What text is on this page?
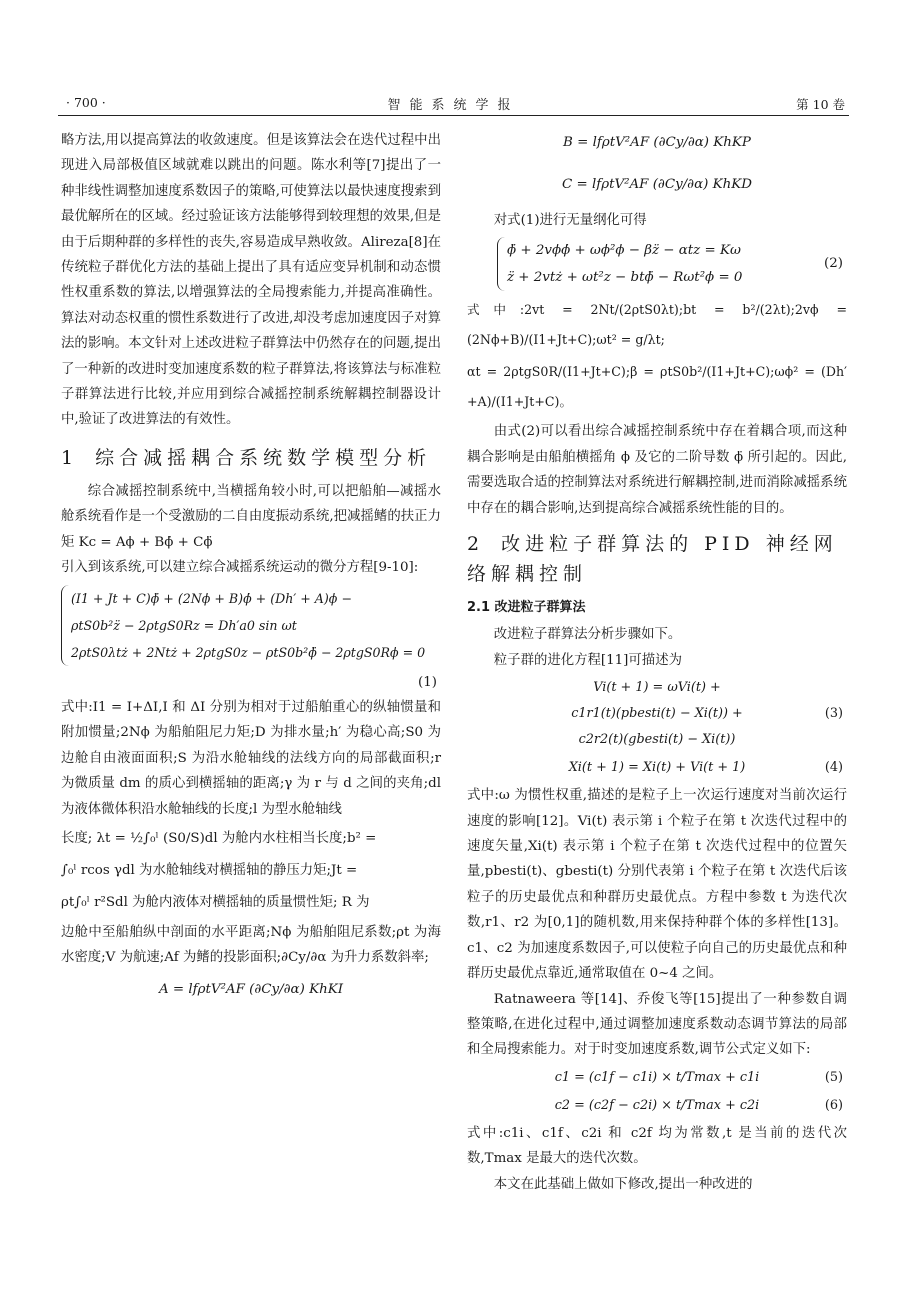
· 700 ·	智能系统学报	第 10 卷

略方法,用以提高算法的收敛速度。但是该算法会在迭代过程中出现进入局部极值区域就难以跳出的问题。陈水利等[7]提出了一种非线性调整加速度系数因子的策略,可使算法以最快速度搜索到最优解所在的区域。经过验证该方法能够得到较理想的效果,但是由于后期种群的多样性的丧失,容易造成早熟收敛。Alireza[8]在传统粒子群优化方法的基础上提出了具有适应变异机制和动态惯性权重系数的算法,以增强算法的全局搜索能力,并提高准确性。算法对动态权重的惯性系数进行了改进,却没考虑加速度因子对算法的影响。本文针对上述改进粒子群算法中仍然存在的问题,提出了一种新的改进时变加速度系数的粒子群算法,将该算法与标准粒子群算法进行比较,并应用到综合减摇控制系统解耦控制器设计中,验证了改进算法的有效性。

1 综合减摇耦合系统数学模型分析

综合减摇控制系统中,当横摇角较小时,可以把船舶—减摇水舱系统看作是一个受激励的二自由度振动系统,把减摇鳍的扶正力矩 Kc = Aϕ + Bϕ̇ + Cϕ̈

引入到该系统,可以建立综合减摇系统运动的微分方程[9-10]:

(I1 + Jt + C)ϕ̈ + (2Nϕ + B)ϕ̇ + (Dh′ + A)ϕ −
ρtS0b²z̈ − 2ρtgS0Rz = Dh′a0 sin ωt
2ρtS0λtż + 2Ntż + 2ρtgS0z − ρtS0b²ϕ̈ − 2ρtgS0Rϕ = 0
(1)

式中:I1 = I+ΔI,I 和 ΔI 分别为相对于过船舶重心的纵轴惯量和附加惯量;2Nϕ 为船舶阻尼力矩;D 为排水量;h′ 为稳心高;S0 为边舱自由液面面积;S 为沿水舱轴线的法线方向的局部截面积;r 为微质量 dm 的质心到横摇轴的距离;γ 为 r 与 d 之间的夹角;dl 为液体微体积沿水舱轴线的长度;l 为型水舱轴线

长度; λt = ½∫₀ˡ (S0/S)dl 为舱内水柱相当长度;b² =

∫₀ˡ rcos γdl 为水舱轴线对横摇轴的静压力矩;Jt =

ρt∫₀ˡ r²Sdl 为舱内液体对横摇轴的质量惯性矩; R 为

边舱中至船舶纵中剖面的水平距离;Nϕ 为船舶阻尼系数;ρt 为海水密度;V 为航速;Af 为鳍的投影面积;∂Cy/∂α 为升力系数斜率;

A = lfρtV²AF (∂Cy/∂α) KhKI
B = lfρtV²AF (∂Cy/∂α) KhKP
C = lfρtV²AF (∂Cy/∂α) KhKD

对式(1)进行无量纲化可得

ϕ̈ + 2vϕϕ̇ + ωϕ²ϕ − βz̈ − αtz = Kω
z̈ + 2vtż + ωt²z − btϕ̈ − Rωt²ϕ = 0
(2)

式中:2vt = 2Nt/(2ρtS0λt);bt = b²/(2λt);2vϕ = (2Nϕ+B)/(I1+Jt+C);ωt² = g/λt;

αt = 2ρtgS0R/(I1+Jt+C);β = ρtS0b²/(I1+Jt+C);ωϕ² = (Dh′+A)/(I1+Jt+C)。

由式(2)可以看出综合减摇控制系统中存在着耦合项,而这种耦合影响是由船舶横摇角 ϕ 及它的二阶导数 ϕ̈ 所引起的。因此,需要选取合适的控制算法对系统进行解耦控制,进而消除减摇系统中存在的耦合影响,达到提高综合减摇系统性能的目的。

2 改进粒子群算法的 PID 神经网络解耦控制
2.1 改进粒子群算法

改进粒子群算法分析步骤如下。

粒子群的进化方程[11]可描述为

Vi(t + 1) = ωVi(t) +
c1r1(t)(pbesti(t) − Xi(t)) +
c2r2(t)(gbesti(t) − Xi(t))
(3)
Xi(t + 1) = Xi(t) + Vi(t + 1)	(4)

式中:ω 为惯性权重,描述的是粒子上一次运行速度对当前次运行速度的影响[12]。Vi(t) 表示第 i 个粒子在第 t 次迭代过程中的速度矢量,Xi(t) 表示第 i 个粒子在第 t 次迭代过程中的位置矢量,pbesti(t)、gbesti(t) 分别代表第 i 个粒子在第 t 次迭代后该粒子的历史最优点和种群历史最优点。方程中参数 t 为迭代次数,r1、r2 为[0,1]的随机数,用来保持种群个体的多样性[13]。c1、c2 为加速度系数因子,可以使粒子向自己的历史最优点和种群历史最优点靠近,通常取值在 0~4 之间。

Ratnaweera 等[14]、乔俊飞等[15]提出了一种参数自调整策略,在进化过程中,通过调整加速度系数动态调节算法的局部和全局搜索能力。对于时变加速度系数,调节公式定义如下:

c1 = (c1f − c1i) × t/Tmax + c1i	(5)
c2 = (c2f − c2i) × t/Tmax + c2i	(6)

式中:c1i、c1f、c2i 和 c2f 均为常数,t 是当前的迭代次数,Tmax 是最大的迭代次数。

本文在此基础上做如下修改,提出一种改进的
